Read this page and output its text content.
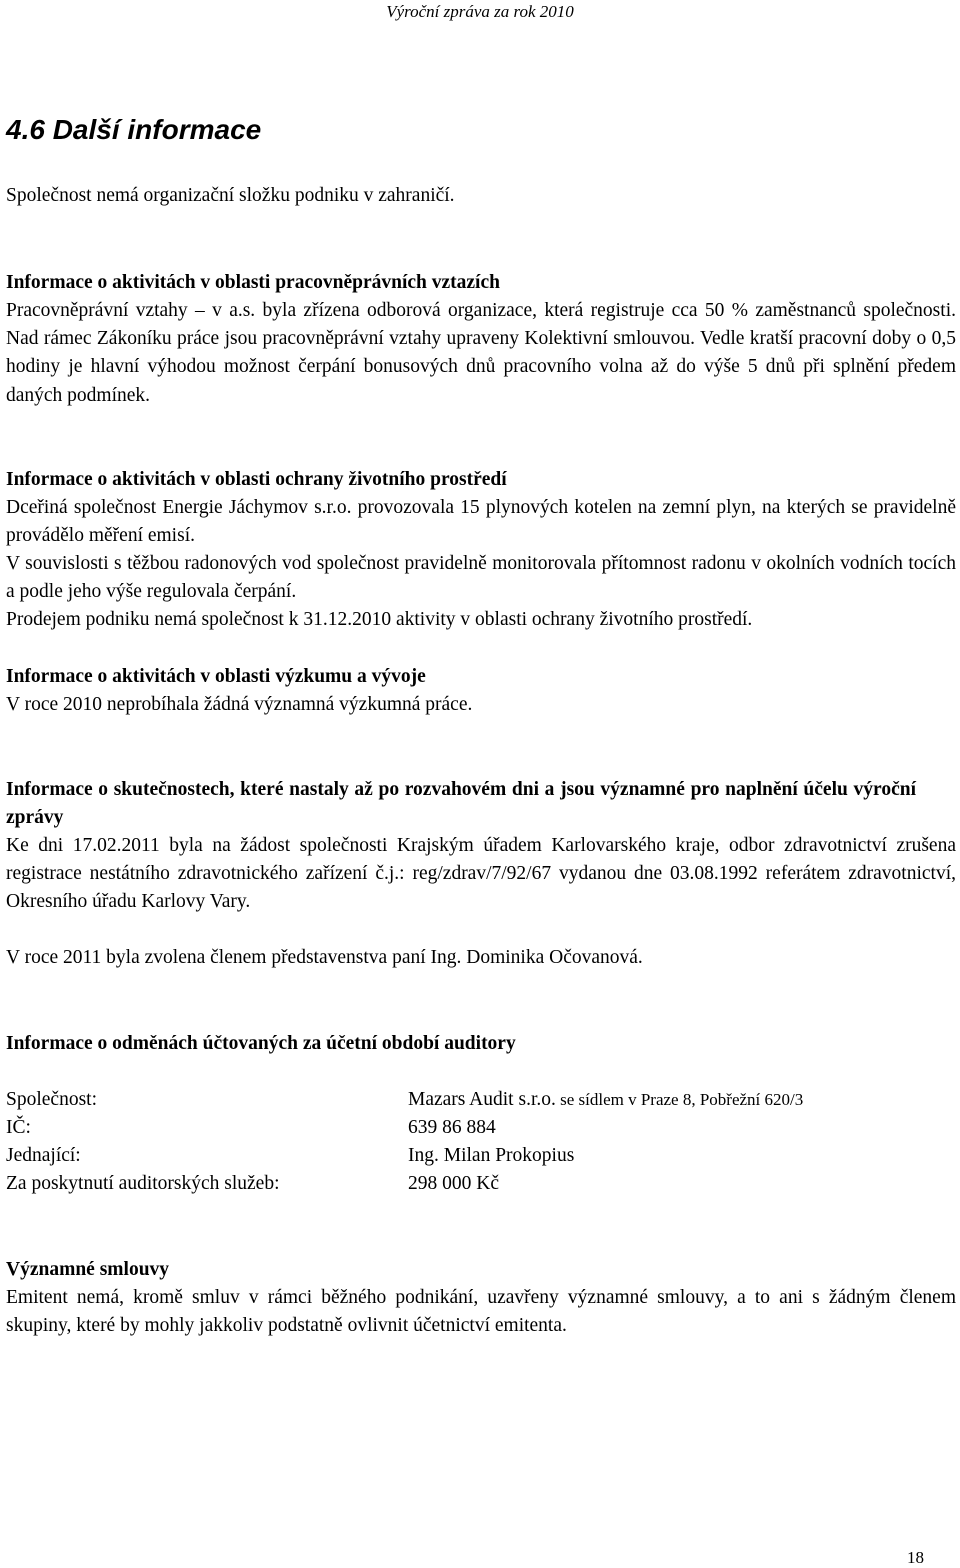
Výroční zpráva za rok 2010
4.6 Další informace
Společnost nemá organizační složku podniku v zahraničí.
Informace o aktivitách v oblasti pracovněprávních vztazích
Pracovněprávní vztahy – v a.s. byla zřízena odborová organizace, která registruje cca 50 % zaměstnanců společnosti. Nad rámec Zákoníku práce jsou pracovněprávní vztahy upraveny Kolektivní smlouvou. Vedle kratší pracovní doby o 0,5 hodiny je hlavní výhodou možnost čerpání bonusových dnů pracovního volna až do výše 5 dnů při splnění předem daných podmínek.
Informace o aktivitách v oblasti ochrany životního prostředí
Dceřiná společnost Energie Jáchymov s.r.o. provozovala 15 plynových kotelen na zemní plyn, na kterých se pravidelně provádělo měření emisí.
V souvislosti s těžbou radonových vod společnost pravidelně monitorovala přítomnost radonu v okolních vodních tocích a podle jeho výše regulovala čerpání.
Prodejem podniku nemá společnost k 31.12.2010 aktivity v oblasti ochrany životního prostředí.
Informace o aktivitách v oblasti výzkumu a vývoje
V roce 2010 neprobíhala žádná významná výzkumná práce.
Informace o skutečnostech, které nastaly až po rozvahovém dni a jsou významné pro naplnění účelu výroční zprávy
Ke dni 17.02.2011 byla na žádost společnosti Krajským úřadem Karlovarského kraje, odbor zdravotnictví zrušena registrace nestátního zdravotnického zařízení č.j.: reg/zdrav/7/92/67 vydanou dne 03.08.1992 referátem zdravotnictví, Okresního úřadu Karlovy Vary.
V roce 2011 byla zvolena členem představenstva paní Ing. Dominika Očovanová.
Informace o odměnách účtovaných za účetní období auditory
Společnost:	Mazars Audit s.r.o. se sídlem v Praze 8, Pobřežní 620/3
IČ:	639 86 884
Jednající:	Ing. Milan Prokopius
Za poskytnutí auditorských služeb:	298 000 Kč
Významné smlouvy
Emitent nemá, kromě smluv v rámci běžného podnikání, uzavřeny významné smlouvy, a to ani s žádným členem skupiny, které by mohly jakkoliv podstatně ovlivnit účetnictví emitenta.
18
